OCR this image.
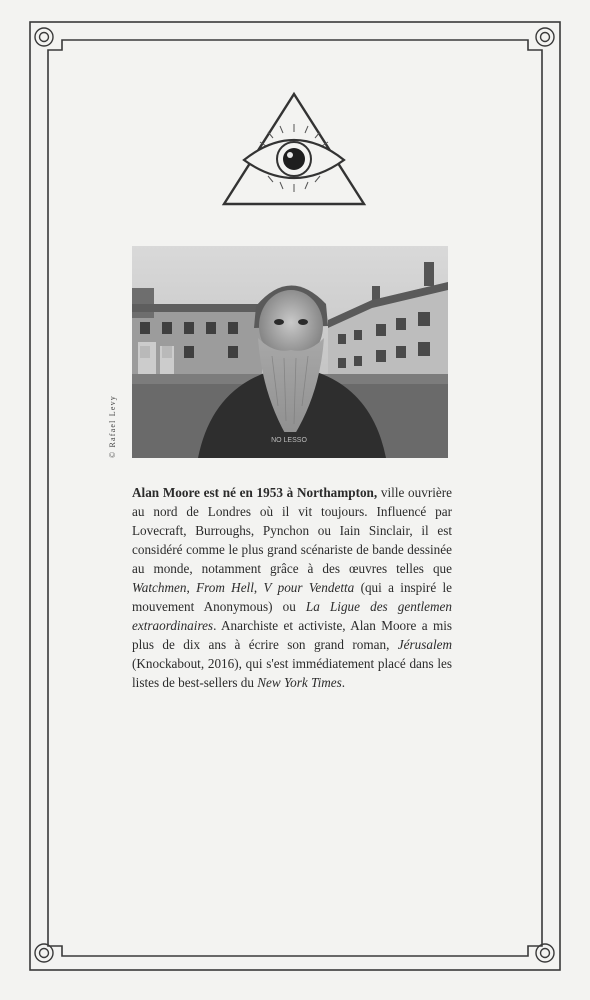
NO LESSO
© Rafael Levy

Alan Moore est né en 1953 à Northampton, ville ouvrière au nord de Londres où il vit toujours. Influencé par Lovecraft, Burroughs, Pynchon ou Iain Sinclair, il est considéré comme le plus grand scénariste de bande dessinée au monde, notamment grâce à des œuvres telles que Watchmen, From Hell, V pour Vendetta (qui a inspiré le mouvement Anonymous) ou La Ligue des gentlemen extraordinaires. Anarchiste et activiste, Alan Moore a mis plus de dix ans à écrire son grand roman, Jérusalem (Knockabout, 2016), qui s'est immédiatement placé dans les listes de best-sellers du New York Times.
